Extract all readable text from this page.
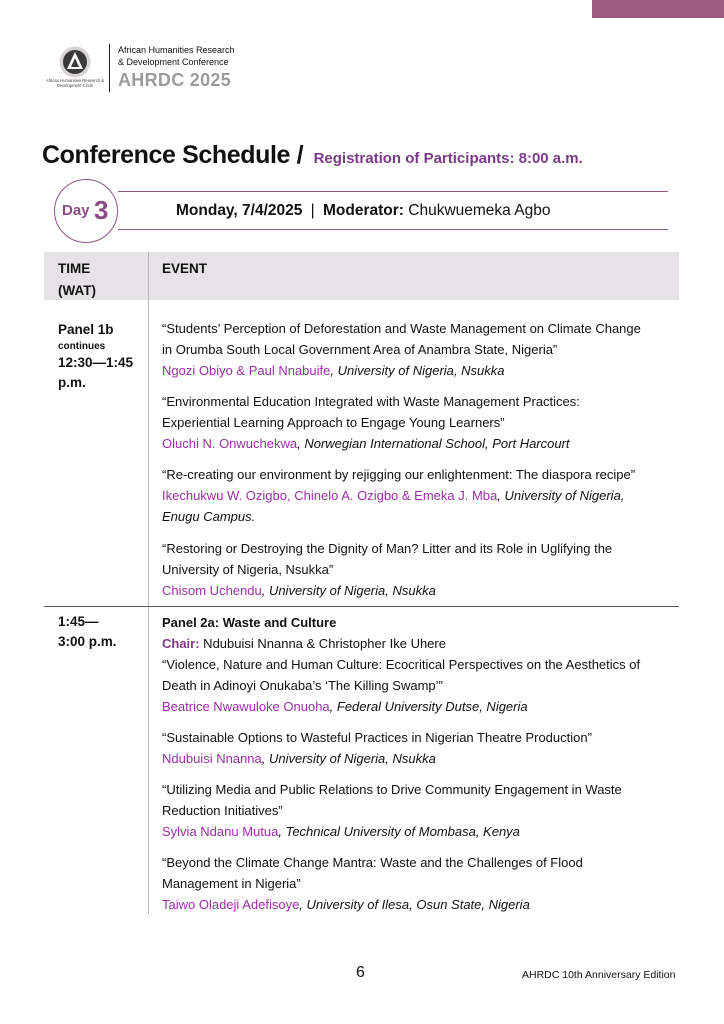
African Humanities Research & Development Circle
African Humanities Research
& Development Conference
AHRDC 2025
Conference Schedule / Registration of Participants: 8:00 a.m.
Day 3	Monday, 7/4/2025 | Moderator: Chukwuemeka Agbo
TIME
(WAT)
EVENT
Panel 1b
continues
12:30—1:45
p.m.
“Students’ Perception of Deforestation and Waste Management on Climate Change
in Orumba South Local Government Area of Anambra State, Nigeria”
Ngozi Obiyo & Paul Nnabuife, University of Nigeria, Nsukka
“Environmental Education Integrated with Waste Management Practices:
Experiential Learning Approach to Engage Young Learners”
Oluchi N. Onwuchekwa, Norwegian International School, Port Harcourt
“Re-creating our environment by rejigging our enlightenment: The diaspora recipe”
Ikechukwu W. Ozigbo, Chinelo A. Ozigbo & Emeka J. Mba, University of Nigeria,
Enugu Campus.
“Restoring or Destroying the Dignity of Man? Litter and its Role in Uglifying the
University of Nigeria, Nsukka”
Chisom Uchendu, University of Nigeria, Nsukka
1:45—
3:00 p.m.
Panel 2a: Waste and Culture
Chair: Ndubuisi Nnanna & Christopher Ike Uhere
“Violence, Nature and Human Culture: Ecocritical Perspectives on the Aesthetics of
Death in Adinoyi Onukaba’s ‘The Killing Swamp’”
Beatrice Nwawuloke Onuoha, Federal University Dutse, Nigeria
“Sustainable Options to Wasteful Practices in Nigerian Theatre Production”
Ndubuisi Nnanna, University of Nigeria, Nsukka
“Utilizing Media and Public Relations to Drive Community Engagement in Waste
Reduction Initiatives”
Sylvia Ndanu Mutua, Technical University of Mombasa, Kenya
“Beyond the Climate Change Mantra: Waste and the Challenges of Flood
Management in Nigeria”
Taiwo Oladeji Adefisoye, University of Ilesa, Osun State, Nigeria
6	AHRDC 10th Anniversary Edition
